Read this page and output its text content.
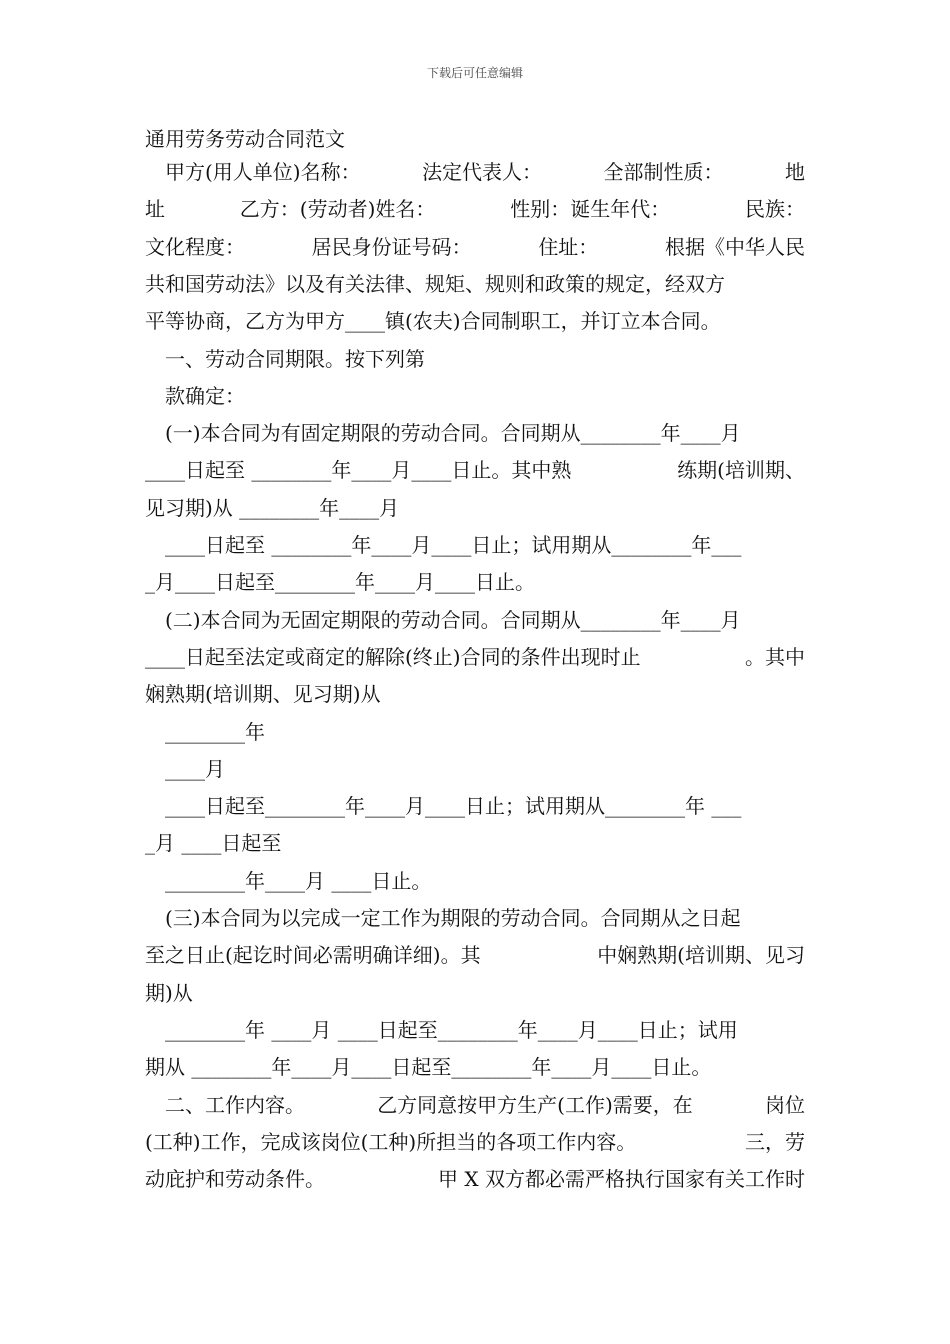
下载后可任意编辑
通用劳务劳动合同范文
　甲方(用人单位)名称：	法定代表人：	全部制性质：	地
址	乙方：(劳动者)姓名：	性别：诞生年代：	民族：
文化程度：	居民身份证号码：	住址：	根据《中华人民
共和国劳动法》以及有关法律、规矩、规则和政策的规定，经双方
平等协商，乙方为甲方____镇(农夫)合同制职工，并订立本合同。
　一、劳动合同期限。按下列第
　款确定：
　(一)本合同为有固定期限的劳动合同。合同期从________年____月
____日起至 ________年____月____日止。其中熟	练期(培训期、
见习期)从 ________年____月
　____日起至 ________年____月____日止；试用期从________年___
_月____日起至________年____月____日止。
　(二)本合同为无固定期限的劳动合同。合同期从________年____月
____日起至法定或商定的解除(终止)合同的条件出现时止	。其中
娴熟期(培训期、见习期)从
　________年
　____月
　____日起至________年____月____日止；试用期从________年 ___
_月 ____日起至
　________年____月 ____日止。
　(三)本合同为以完成一定工作为期限的劳动合同。合同期从之日起
至之日止(起讫时间必需明确详细)。其	中娴熟期(培训期、见习
期)从
　________年 ____月 ____日起至________年____月____日止；试用
期从 ________年____月____日起至________年____月____日止。
　二、工作内容。	乙方同意按甲方生产(工作)需要，在	岗位
(工种)工作，完成该岗位(工种)所担当的各项工作内容。	三，劳
动庇护和劳动条件。	甲 X 双方都必需严格执行国家有关工作时
